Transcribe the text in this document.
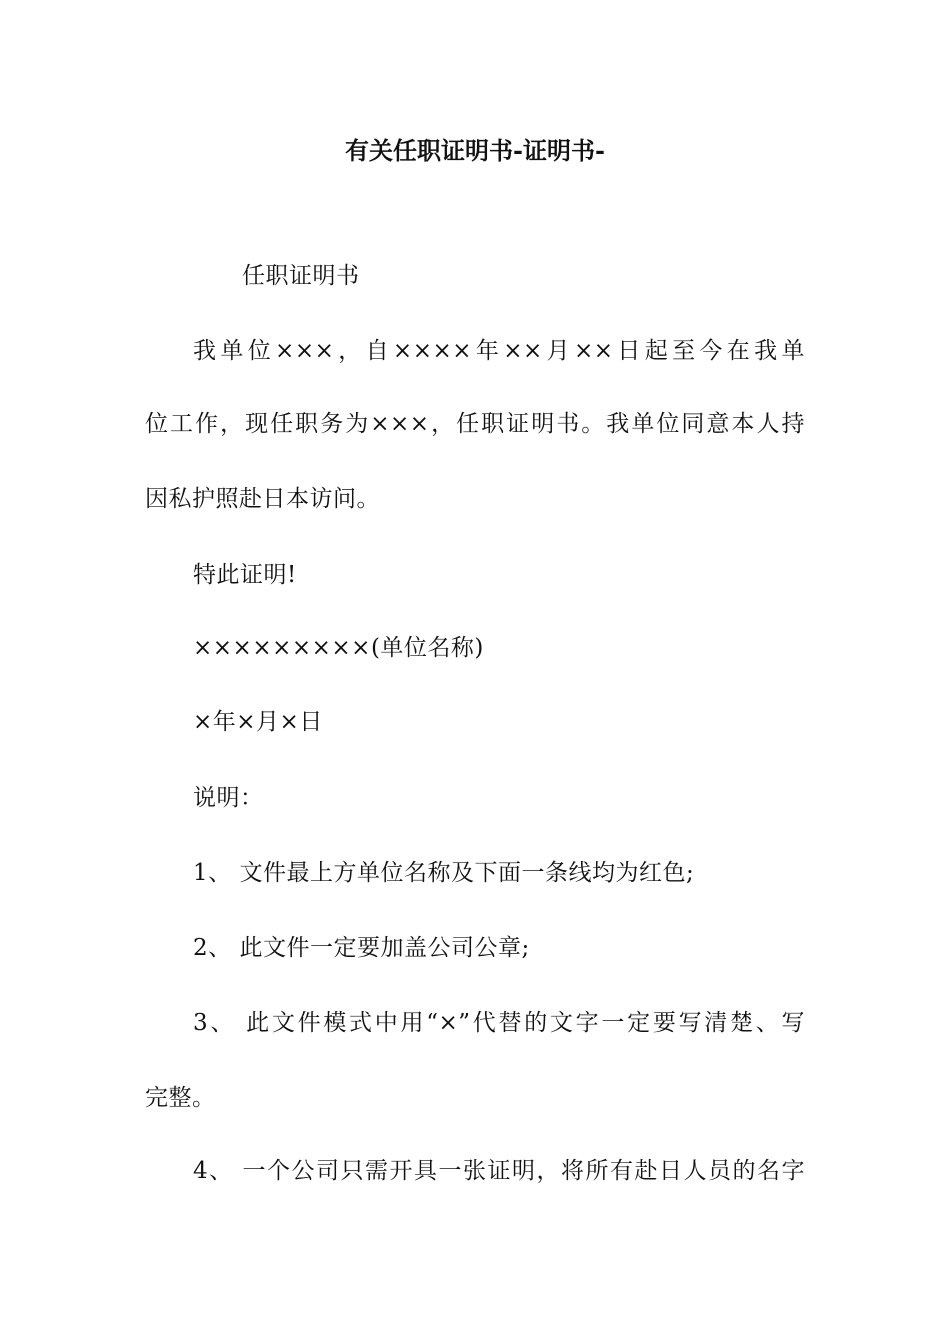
有关任职证明书-证明书-
任职证明书
我单位×××，自××××年××月××日起至今在我单
位工作，现任职务为×××，任职证明书。我单位同意本人持
因私护照赴日本访问。
特此证明!
×××××××××(单位名称)
×年×月×日
说明：
1、 文件最上方单位名称及下面一条线均为红色;
2、 此文件一定要加盖公司公章;
3、 此文件模式中用“×”代替的文字一定要写清楚、写
完整。
4、 一个公司只需开具一张证明，将所有赴日人员的名字
